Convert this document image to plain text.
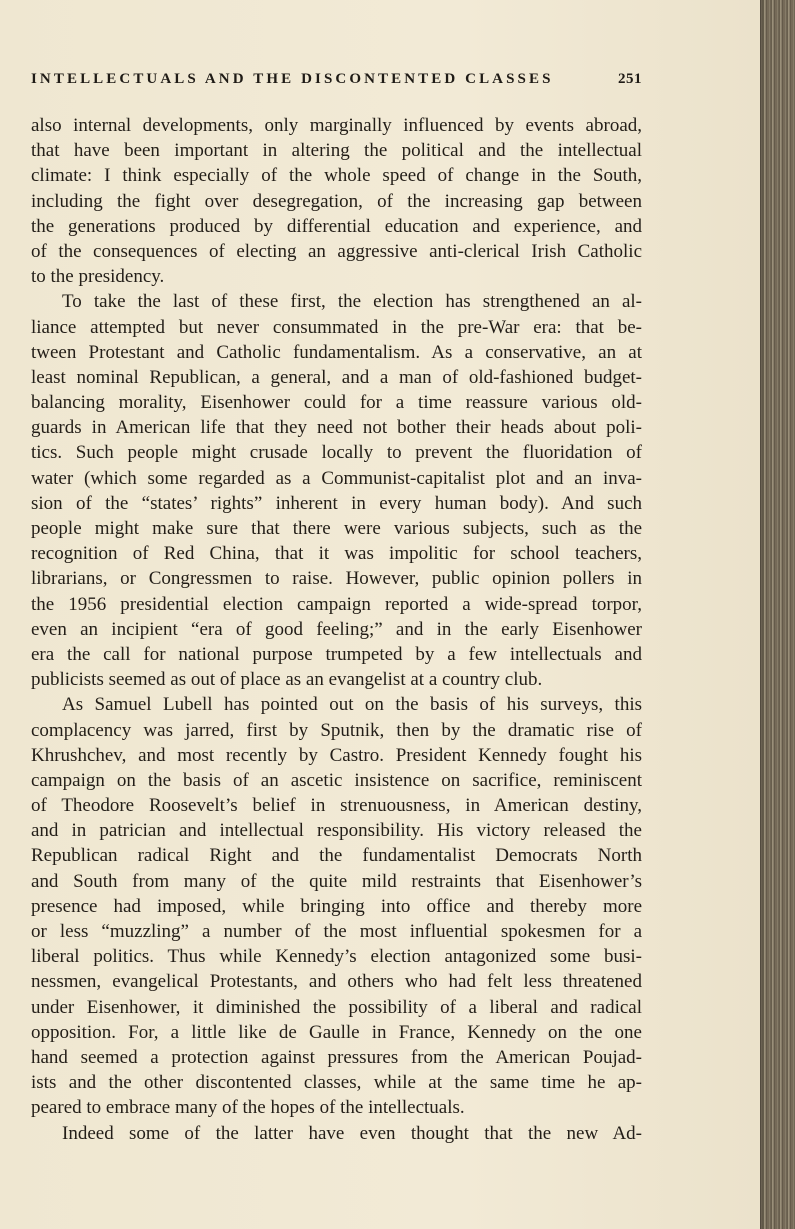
INTELLECTUALS AND THE DISCONTENTED CLASSES	251
also internal developments, only marginally influenced by events abroad,
that have been important in altering the political and the intellectual
climate: I think especially of the whole speed of change in the South,
including the fight over desegregation, of the increasing gap between
the generations produced by differential education and experience, and
of the consequences of electing an aggressive anti-clerical Irish Catholic
to the presidency.
To take the last of these first, the election has strengthened an al-
liance attempted but never consummated in the pre-War era: that be-
tween Protestant and Catholic fundamentalism. As a conservative, an at
least nominal Republican, a general, and a man of old-fashioned budget-
balancing morality, Eisenhower could for a time reassure various old-
guards in American life that they need not bother their heads about poli-
tics. Such people might crusade locally to prevent the fluoridation of
water (which some regarded as a Communist-capitalist plot and an inva-
sion of the “states’ rights” inherent in every human body). And such
people might make sure that there were various subjects, such as the
recognition of Red China, that it was impolitic for school teachers,
librarians, or Congressmen to raise. However, public opinion pollers in
the 1956 presidential election campaign reported a wide-spread torpor,
even an incipient “era of good feeling;” and in the early Eisenhower
era the call for national purpose trumpeted by a few intellectuals and
publicists seemed as out of place as an evangelist at a country club.
As Samuel Lubell has pointed out on the basis of his surveys, this
complacency was jarred, first by Sputnik, then by the dramatic rise of
Khrushchev, and most recently by Castro. President Kennedy fought his
campaign on the basis of an ascetic insistence on sacrifice, reminiscent
of Theodore Roosevelt’s belief in strenuousness, in American destiny,
and in patrician and intellectual responsibility. His victory released the
Republican radical Right and the fundamentalist Democrats North
and South from many of the quite mild restraints that Eisenhower’s
presence had imposed, while bringing into office and thereby more
or less “muzzling” a number of the most influential spokesmen for a
liberal politics. Thus while Kennedy’s election antagonized some busi-
nessmen, evangelical Protestants, and others who had felt less threatened
under Eisenhower, it diminished the possibility of a liberal and radical
opposition. For, a little like de Gaulle in France, Kennedy on the one
hand seemed a protection against pressures from the American Poujad-
ists and the other discontented classes, while at the same time he ap-
peared to embrace many of the hopes of the intellectuals.
Indeed some of the latter have even thought that the new Ad-
